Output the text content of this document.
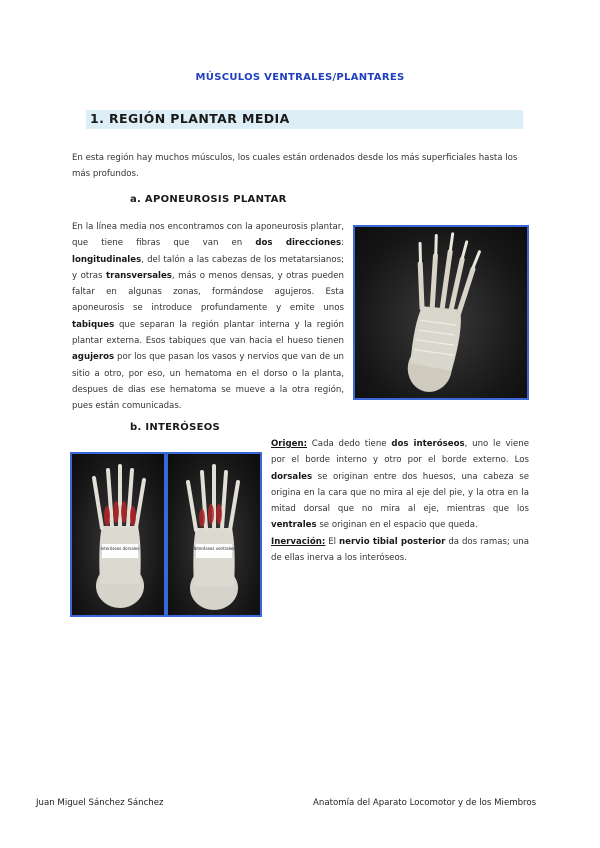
MÚSCULOS VENTRALES/PLANTARES
1. REGIÓN PLANTAR MEDIA
En esta región hay muchos músculos, los cuales están ordenados desde los más superficiales hasta los más profundos.
a. APONEUROSIS PLANTAR
En la línea media nos encontramos con la aponeurosis plantar, que tiene fibras que van en dos direcciones: longitudinales, del talón a las cabezas de los metatarsianos; y otras transversales, más o menos densas, y otras pueden faltar en algunas zonas, formándose agujeros. Esta aponeurosis se introduce profundamente y emite unos tabiques que separan la región plantar interna y la región plantar externa. Esos tabiques que van hacia el hueso tienen agujeros por los que pasan los vasos y nervios que van de un sitio a otro, por eso, un hematoma en el dorso o la planta, despues de dias ese hematoma se mueve a la otra región, pues están comunicadas.
b. INTERÓSEOS
Interóseos dorsales	Interóseos ventrales
Origen: Cada dedo tiene dos interóseos, uno le viene por el borde interno y otro por el borde externo. Los dorsales se originan entre dos huesos, una cabeza se origina en la cara que no mira al eje del pie, y la otra en la mitad dorsal que no mira al eje, mientras que los ventrales se originan en el espacio que queda.
Inervación: El nervio tibial posterior da dos ramas; una de ellas inerva a los interóseos.
Juan Miguel Sánchez Sánchez	Anatomía del Aparato Locomotor y de los Miembros
